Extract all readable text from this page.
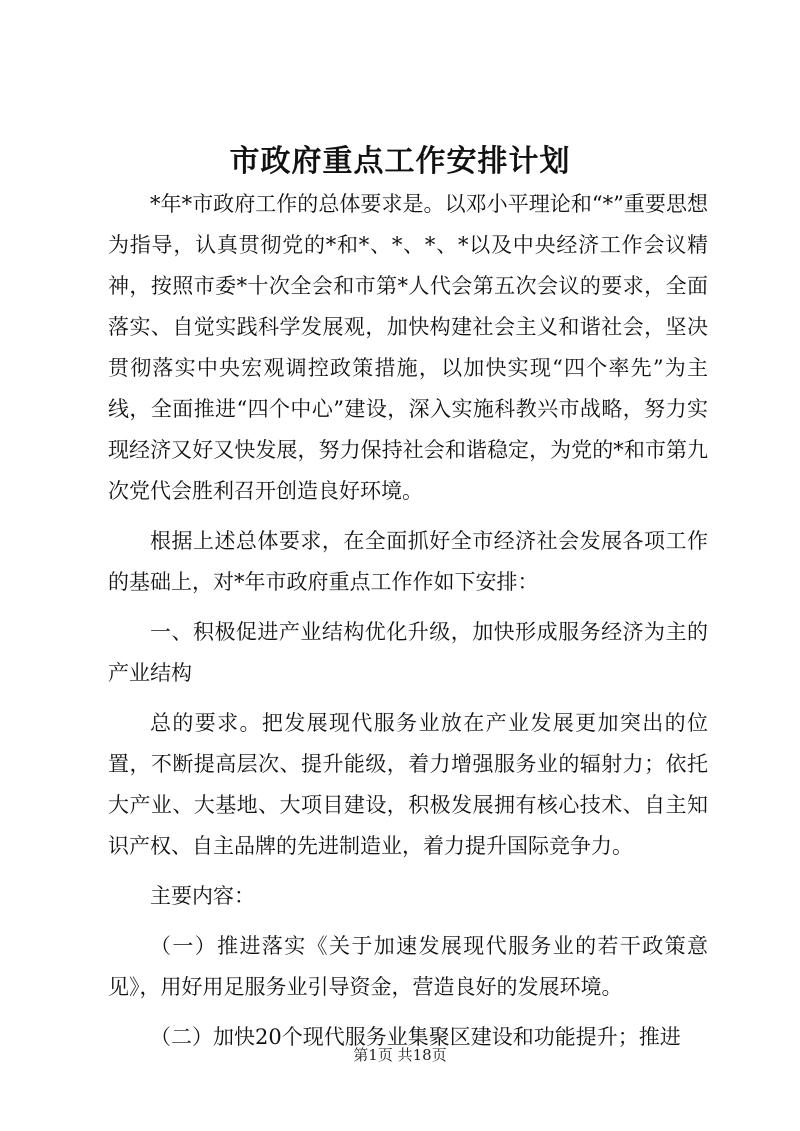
市政府重点工作安排计划

*年*市政府工作的总体要求是。以邓小平理论和“*”重要思想为指导，认真贯彻党的*和*、*、*、*以及中央经济工作会议精神，按照市委*十次全会和市第*人代会第五次会议的要求，全面落实、自觉实践科学发展观，加快构建社会主义和谐社会，坚决贯彻落实中央宏观调控政策措施，以加快实现“四个率先”为主线，全面推进“四个中心”建设，深入实施科教兴市战略，努力实现经济又好又快发展，努力保持社会和谐稳定，为党的*和市第九次党代会胜利召开创造良好环境。

根据上述总体要求，在全面抓好全市经济社会发展各项工作的基础上，对*年市政府重点工作作如下安排：

一、积极促进产业结构优化升级，加快形成服务经济为主的产业结构

总的要求。把发展现代服务业放在产业发展更加突出的位置，不断提高层次、提升能级，着力增强服务业的辐射力；依托大产业、大基地、大项目建设，积极发展拥有核心技术、自主知识产权、自主品牌的先进制造业，着力提升国际竞争力。

主要内容：

（一）推进落实《关于加速发展现代服务业的若干政策意见》，用好用足服务业引导资金，营造良好的发展环境。

（二）加快20个现代服务业集聚区建设和功能提升；推进

第1页 共18页
